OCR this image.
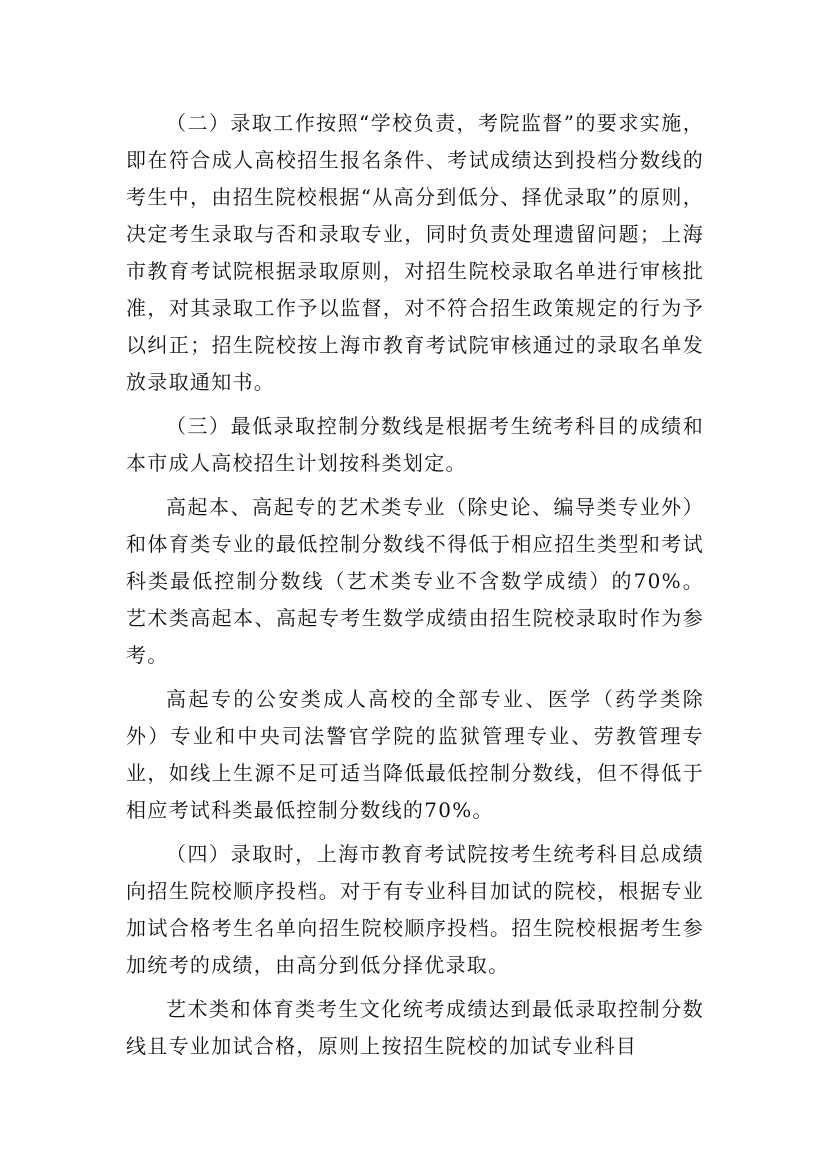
（二）录取工作按照“学校负责，考院监督”的要求实施，即在符合成人高校招生报名条件、考试成绩达到投档分数线的考生中，由招生院校根据“从高分到低分、择优录取”的原则，决定考生录取与否和录取专业，同时负责处理遗留问题；上海市教育考试院根据录取原则，对招生院校录取名单进行审核批准，对其录取工作予以监督，对不符合招生政策规定的行为予以纠正；招生院校按上海市教育考试院审核通过的录取名单发放录取通知书。

（三）最低录取控制分数线是根据考生统考科目的成绩和本市成人高校招生计划按科类划定。

高起本、高起专的艺术类专业（除史论、编导类专业外）和体育类专业的最低控制分数线不得低于相应招生类型和考试科类最低控制分数线（艺术类专业不含数学成绩）的70%。艺术类高起本、高起专考生数学成绩由招生院校录取时作为参考。

高起专的公安类成人高校的全部专业、医学（药学类除外）专业和中央司法警官学院的监狱管理专业、劳教管理专业，如线上生源不足可适当降低最低控制分数线，但不得低于相应考试科类最低控制分数线的70%。

（四）录取时，上海市教育考试院按考生统考科目总成绩向招生院校顺序投档。对于有专业科目加试的院校，根据专业加试合格考生名单向招生院校顺序投档。招生院校根据考生参加统考的成绩，由高分到低分择优录取。

艺术类和体育类考生文化统考成绩达到最低录取控制分数线且专业加试合格，原则上按招生院校的加试专业科目
